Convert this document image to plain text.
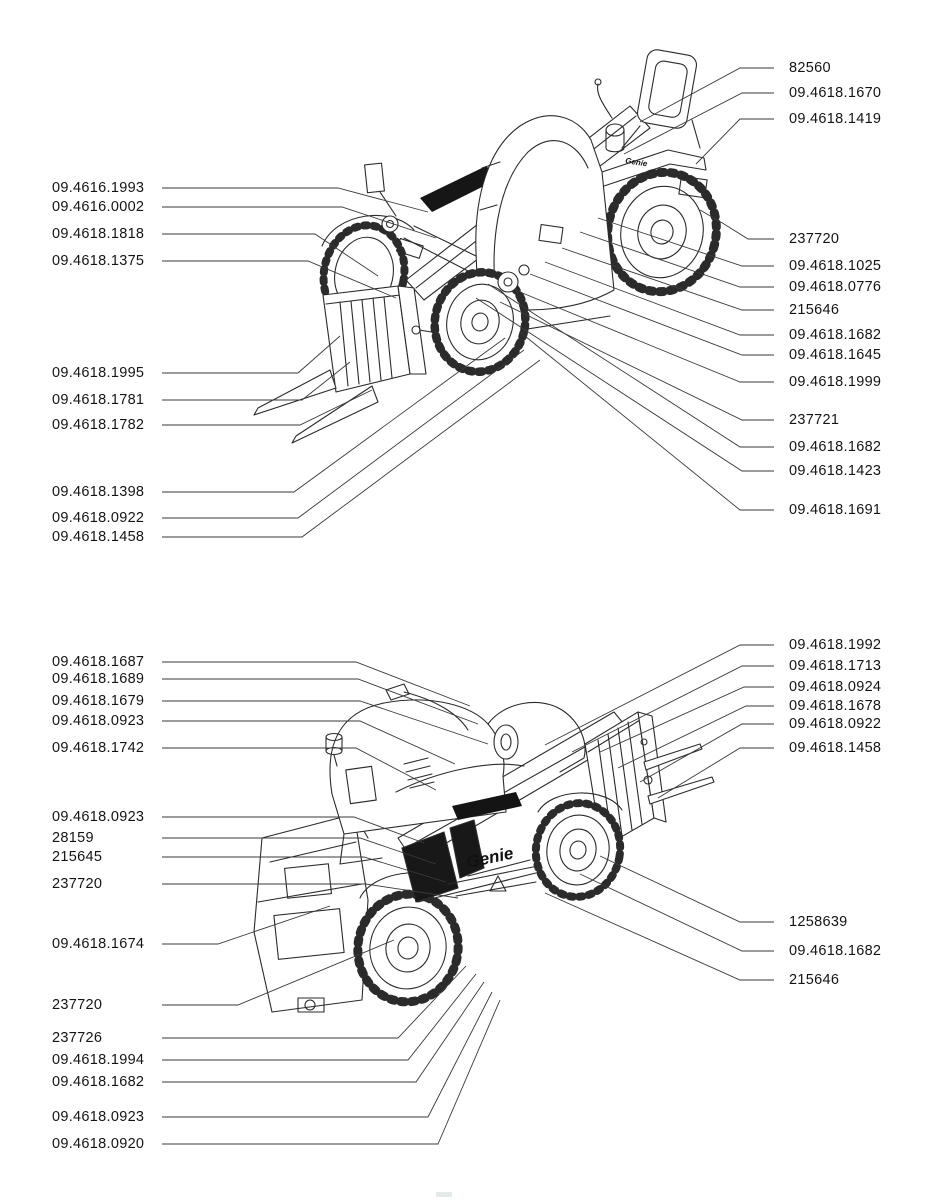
Genie
Genie
09.4616.1993
09.4616.0002
09.4618.1818
09.4618.1375
09.4618.1995
09.4618.1781
09.4618.1782
09.4618.1398
09.4618.0922
09.4618.1458
82560
09.4618.1670
09.4618.1419
237720
09.4618.1025
09.4618.0776
215646
09.4618.1682
09.4618.1645
09.4618.1999
237721
09.4618.1682
09.4618.1423
09.4618.1691
09.4618.1687
09.4618.1689
09.4618.1679
09.4618.0923
09.4618.1742
09.4618.0923
28159
215645
237720
09.4618.1674
237720
237726
09.4618.1994
09.4618.1682
09.4618.0923
09.4618.0920
09.4618.1992
09.4618.1713
09.4618.0924
09.4618.1678
09.4618.0922
09.4618.1458
1258639
09.4618.1682
215646
